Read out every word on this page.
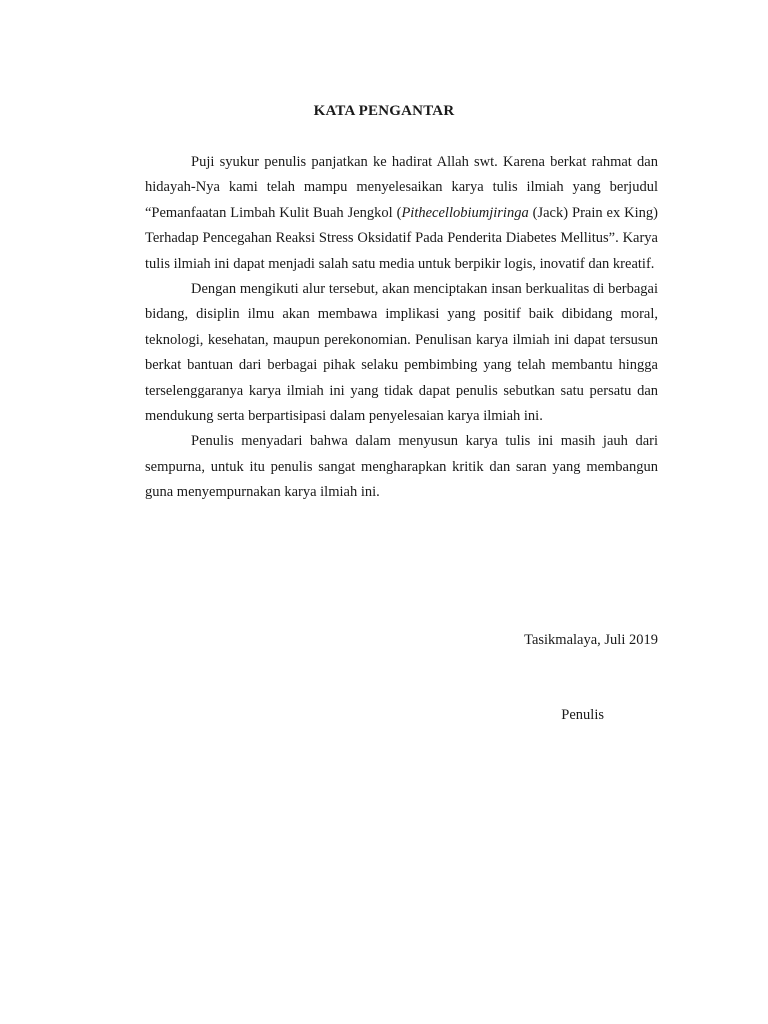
KATA PENGANTAR

Puji syukur penulis panjatkan ke hadirat Allah swt. Karena berkat rahmat dan hidayah-Nya kami telah mampu menyelesaikan karya tulis ilmiah yang berjudul “Pemanfaatan Limbah Kulit Buah Jengkol (Pithecellobiumjiringa (Jack) Prain ex King) Terhadap Pencegahan Reaksi Stress Oksidatif Pada Penderita Diabetes Mellitus”. Karya tulis ilmiah ini dapat menjadi salah satu media untuk berpikir logis, inovatif dan kreatif.

Dengan mengikuti alur tersebut, akan menciptakan insan berkualitas di berbagai bidang, disiplin ilmu akan membawa implikasi yang positif baik dibidang moral, teknologi, kesehatan, maupun perekonomian. Penulisan karya ilmiah ini dapat tersusun berkat bantuan dari berbagai pihak selaku pembimbing yang telah membantu hingga terselenggaranya karya ilmiah ini yang tidak dapat penulis sebutkan satu persatu dan mendukung serta berpartisipasi dalam penyelesaian karya ilmiah ini.

Penulis menyadari bahwa dalam menyusun karya tulis ini masih jauh dari sempurna, untuk itu penulis sangat mengharapkan kritik dan saran yang membangun guna menyempurnakan karya ilmiah ini.

Tasikmalaya, Juli 2019
Penulis
